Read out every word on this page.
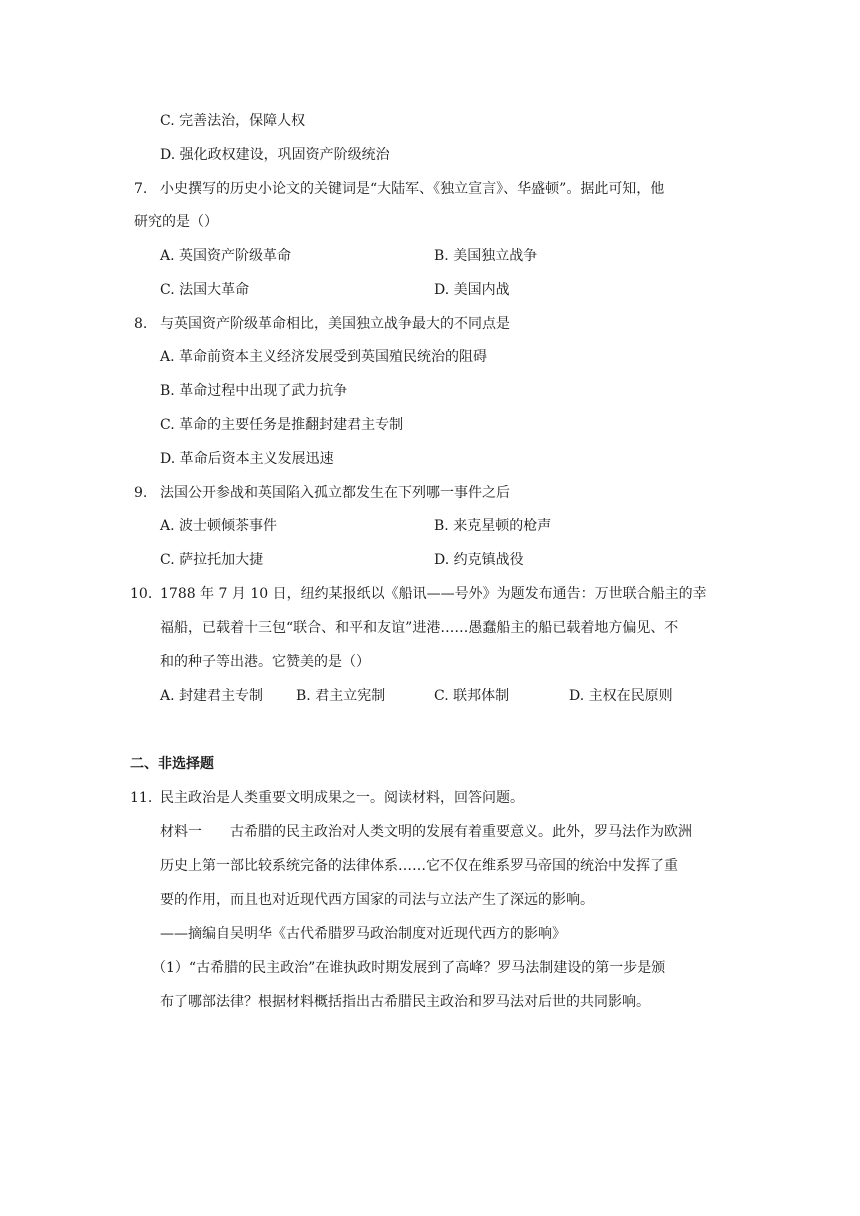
C. 完善法治，保障人权
D. 强化政权建设，巩固资产阶级统治
7. 小史撰写的历史小论文的关键词是“大陆军、《独立宣言》、华盛顿”。据此可知，他
研究的是（）
A. 英国资产阶级革命	B. 美国独立战争
C. 法国大革命	D. 美国内战
8. 与英国资产阶级革命相比，美国独立战争最大的不同点是
A. 革命前资本主义经济发展受到英国殖民统治的阻碍
B. 革命过程中出现了武力抗争
C. 革命的主要任务是推翻封建君主专制
D. 革命后资本主义发展迅速
9. 法国公开参战和英国陷入孤立都发生在下列哪一事件之后
A. 波士顿倾茶事件	B. 来克星顿的枪声
C. 萨拉托加大捷	D. 约克镇战役
10. 1788 年 7 月 10 日，纽约某报纸以《船讯——号外》为题发布通告：万世联合船主的幸
福船，已载着十三包“联合、和平和友谊”进港……愚蠢船主的船已载着地方偏见、不
和的种子等出港。它赞美的是（）
A. 封建君主专制 B. 君主立宪制	C. 联邦体制	D. 主权在民原则
二、非选择题
11. 民主政治是人类重要文明成果之一。阅读材料，回答问题。
材料一 古希腊的民主政治对人类文明的发展有着重要意义。此外，罗马法作为欧洲
历史上第一部比较系统完备的法律体系……它不仅在维系罗马帝国的统治中发挥了重
要的作用，而且也对近现代西方国家的司法与立法产生了深远的影响。
——摘编自吴明华《古代希腊罗马政治制度对近现代西方的影响》
（1）“古希腊的民主政治”在谁执政时期发展到了高峰？罗马法制建设的第一步是颁
布了哪部法律？根据材料概括指出古希腊民主政治和罗马法对后世的共同影响。
